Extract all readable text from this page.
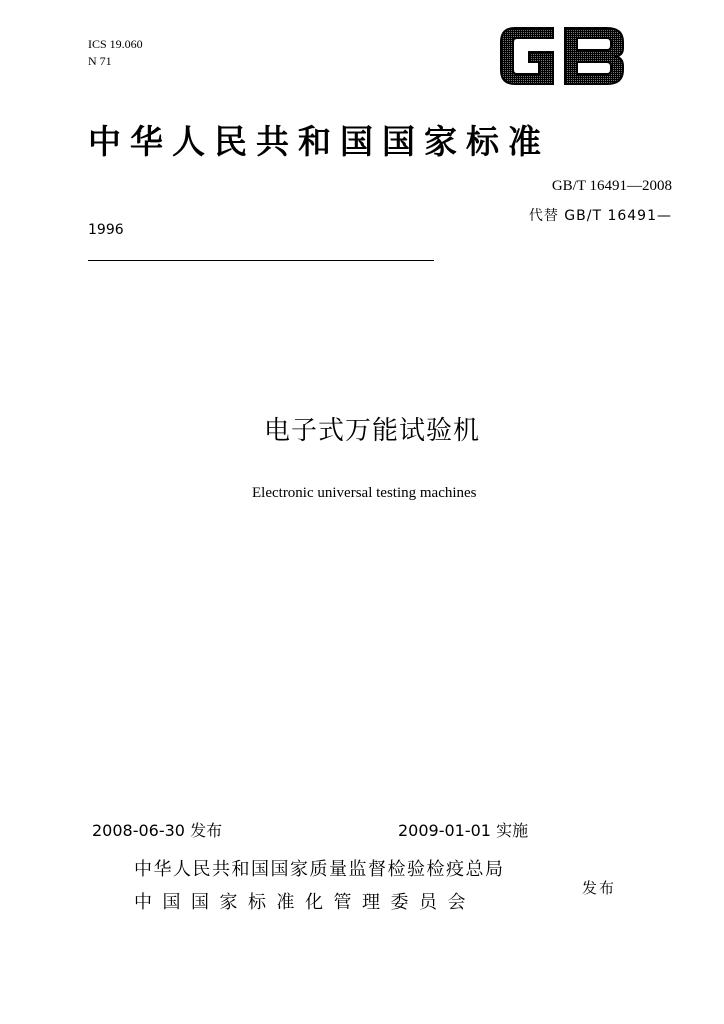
ICS 19.060
N 71
中华人民共和国国家标准
GB/T 16491—2008
代替 GB/T 16491—
1996
电子式万能试验机
Electronic universal testing machines
2008-06-30 发布	2009-01-01 实施
中华人民共和国国家质量监督检验检疫总局
中国国家标准化管理委员会
发布
